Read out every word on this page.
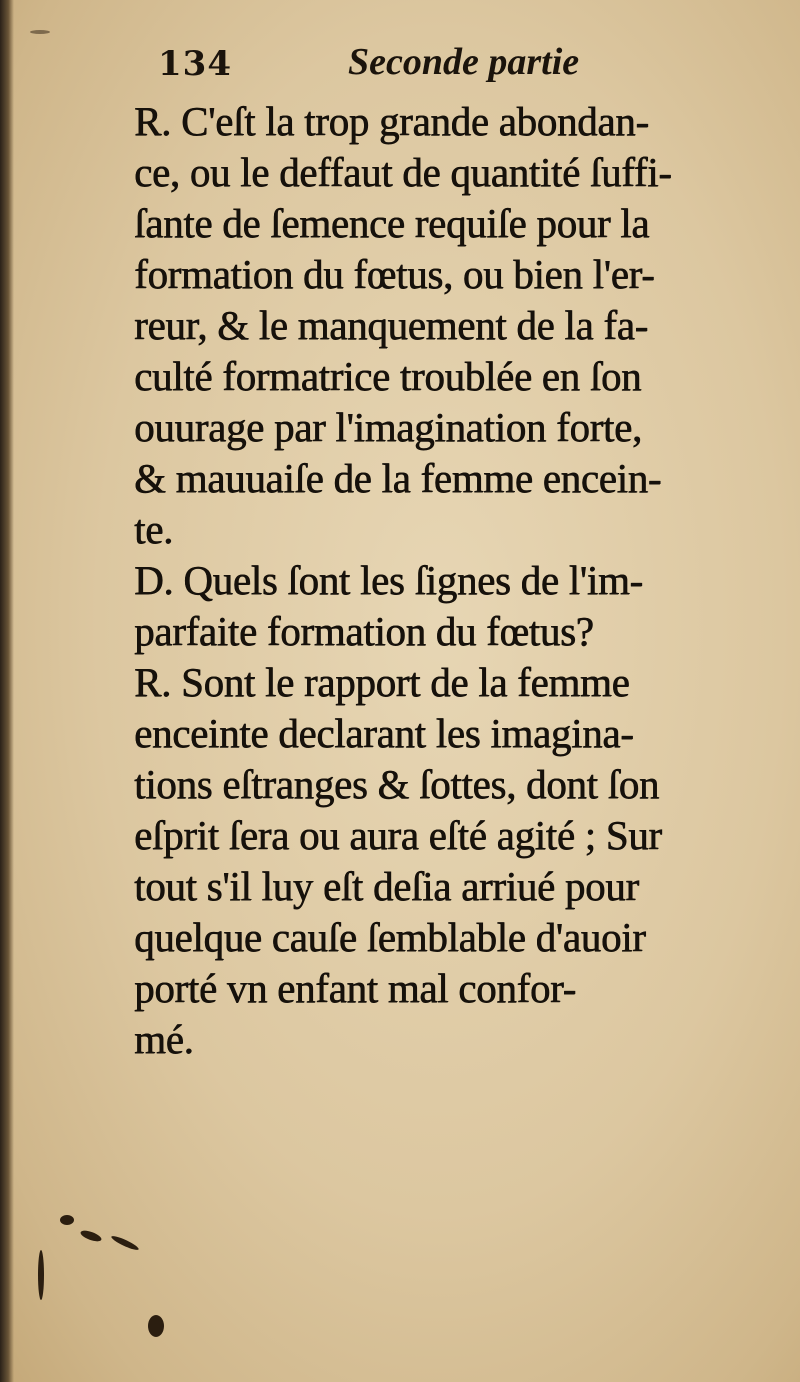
134	Seconde partie
R. C'eſt la trop grande abondan-
ce, ou le deffaut de quantité ſuffi-
ſante de ſemence requiſe pour la
formation du fœtus, ou bien l'er-
reur, & le manquement de la fa-
culté formatrice troublée en ſon
ouurage par l'imagination forte,
& mauuaiſe de la femme encein-
te.
D. Quels ſont les ſignes de l'im-
parfaite formation du fœtus?
R. Sont le rapport de la femme
enceinte declarant les imagina-
tions eſtranges & ſottes, dont ſon
eſprit ſera ou aura eſté agité ; Sur
tout s'il luy eſt deſia arriué pour
quelque cauſe ſemblable d'auoir
porté vn enfant mal confor-
mé.
